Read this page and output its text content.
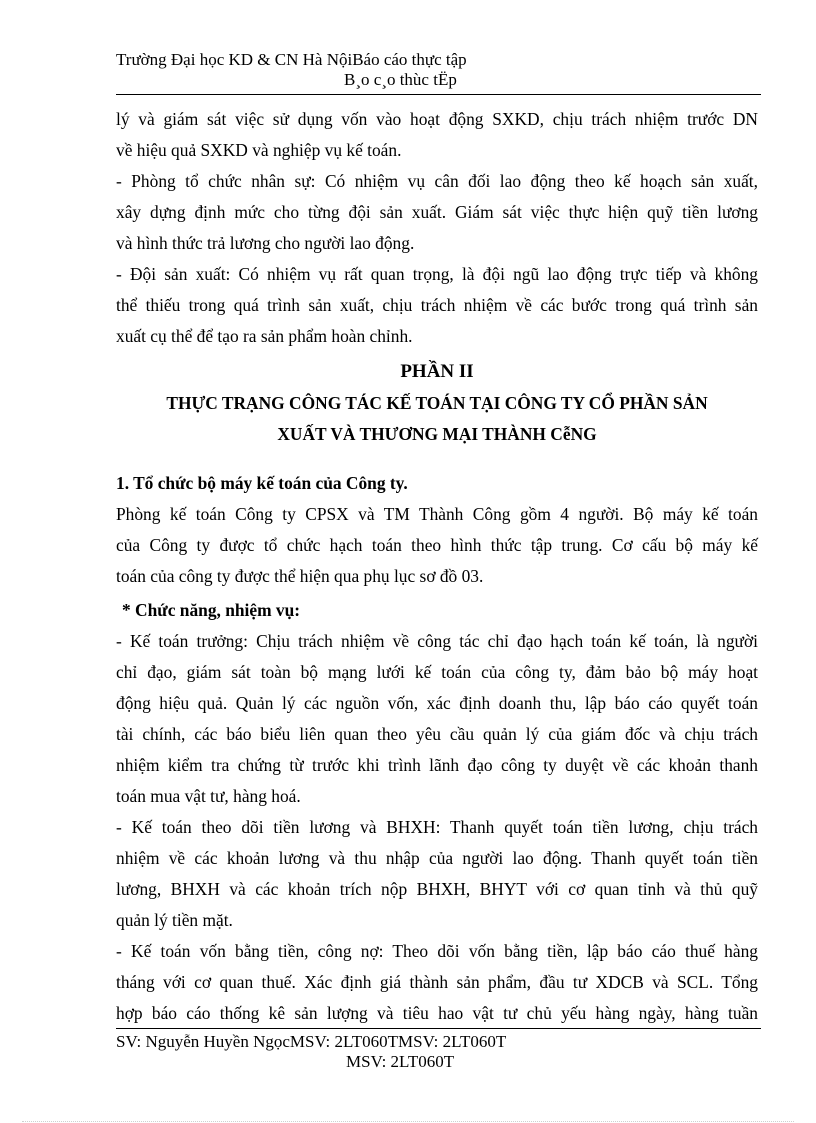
Trường Đại học KD & CN Hà NộiBáo cáo thực tập
B¸o c¸o thùc tËp

lý và giám sát việc sử dụng vốn vào hoạt động SXKD, chịu trách nhiệm trước DN
về hiệu quả SXKD và nghiệp vụ kế toán.

- Phòng tổ chức nhân sự: Có nhiệm vụ cân đối lao động theo kế hoạch sản xuất,
xây dựng định mức cho từng đội sản xuất. Giám sát việc thực hiện quỹ tiền lương
và hình thức trả lương cho người lao động.

- Đội sản xuất: Có nhiệm vụ rất quan trọng, là đội ngũ lao động trực tiếp và không
thể thiếu trong quá trình sản xuất, chịu trách nhiệm về các bước trong quá trình sản
xuất cụ thể để tạo ra sản phẩm hoàn chỉnh.

PHẦN II
THỰC TRẠNG CÔNG TÁC KẾ TOÁN TẠI CÔNG TY CỔ PHẦN SẢN
XUẤT VÀ THƯƠNG MẠI THÀNH CễNG
1. Tổ chức bộ máy kế toán của Công ty.

Phòng kế toán Công ty CPSX và TM Thành Công gồm 4 người. Bộ máy kế toán
của Công ty được tổ chức hạch toán theo hình thức tập trung. Cơ cấu bộ máy kế
toán của công ty được thể hiện qua phụ lục sơ đồ 03.

* Chức năng, nhiệm vụ:

- Kế toán trưởng: Chịu trách nhiệm về công tác chỉ đạo hạch toán kế toán, là người
chỉ đạo, giám sát toàn bộ mạng lưới kế toán của công ty, đảm bảo bộ máy hoạt
động hiệu quả. Quản lý các nguồn vốn, xác định doanh thu, lập báo cáo quyết toán
tài chính, các báo biểu liên quan theo yêu cầu quản lý của giám đốc và chịu trách
nhiệm kiểm tra chứng từ trước khi trình lãnh đạo công ty duyệt về các khoản thanh
toán mua vật tư, hàng hoá.

- Kế toán theo dõi tiền lương và BHXH: Thanh quyết toán tiền lương, chịu trách
nhiệm về các khoản lương và thu nhập của người lao động. Thanh quyết toán tiền
lương, BHXH và các khoản trích nộp BHXH, BHYT với cơ quan tỉnh và thủ quỹ
quản lý tiền mặt.

- Kế toán vốn bằng tiền, công nợ: Theo dõi vốn bằng tiền, lập báo cáo thuế hàng
tháng với cơ quan thuế. Xác định giá thành sản phẩm, đầu tư XDCB và SCL. Tổng
hợp báo cáo thống kê sản lượng và tiêu hao vật tư chủ yếu hàng ngày, hàng tuần

SV: Nguyễn Huyền NgọcMSV: 2LT060TMSV: 2LT060T
MSV: 2LT060T
